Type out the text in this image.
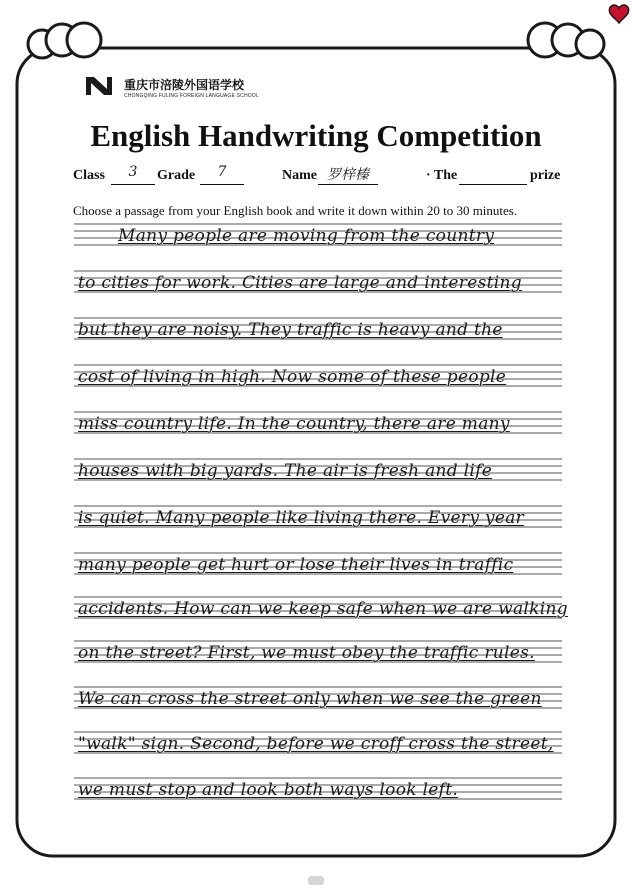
重庆市涪陵外国语学校
CHONGQING FULING FOREIGN LANGUAGE SCHOOL
English Handwriting Competition
Class	3	Grade	7	Name 罗梓榛	· The	prize
Choose a passage from your English book and write it down within 20 to 30 minutes.
Many people are moving from the country
to cities for work. Cities are large and interesting
but they are noisy. They traffic is heavy and the
cost of living in high. Now some of these people
miss country life. In the country, there are many
houses with big yards. The air is fresh and life
is quiet. Many people like living there. Every year
many people get hurt or lose their lives in traffic
accidents. How can we keep safe when we are walking
on the street? First, we must obey the traffic rules.
We can cross the street only when we see the green
"walk" sign. Second, before we croff cross the street,
we must stop and look both ways look left.
